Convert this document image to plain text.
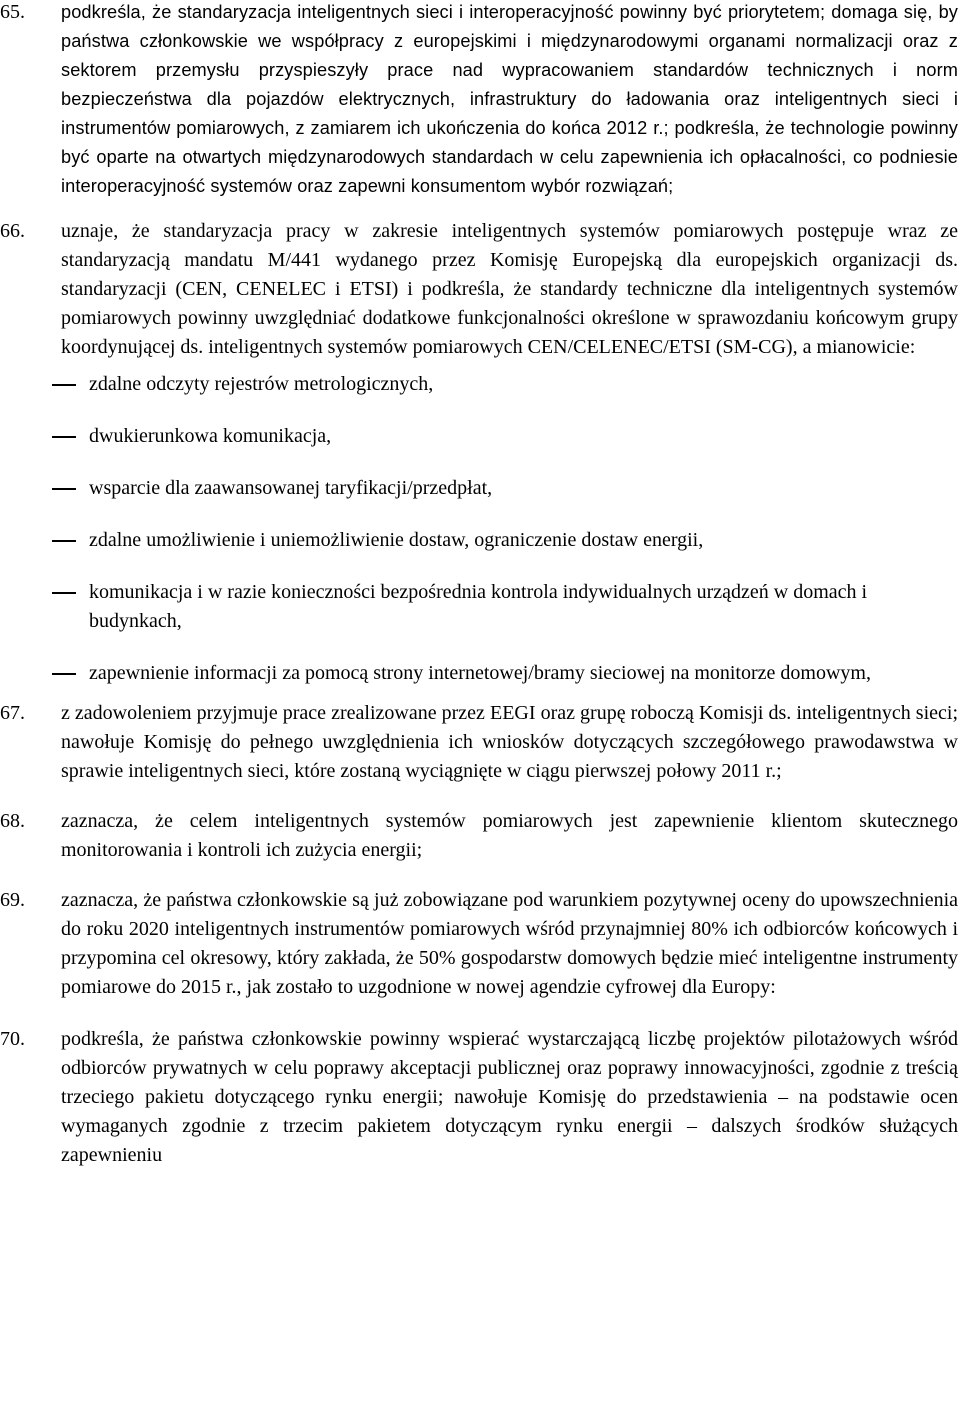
65. podkreśla, że standaryzacja inteligentnych sieci i interoperacyjność powinny być priorytetem; domaga się, by państwa członkowskie we współpracy z europejskimi i międzynarodowymi organami normalizacji oraz z sektorem przemysłu przyspieszyły prace nad wypracowaniem standardów technicznych i norm bezpieczeństwa dla pojazdów elektrycznych, infrastruktury do ładowania oraz inteligentnych sieci i instrumentów pomiarowych, z zamiarem ich ukończenia do końca 2012 r.; podkreśla, że technologie powinny być oparte na otwartych międzynarodowych standardach w celu zapewnienia ich opłacalności, co podniesie interoperacyjność systemów oraz zapewni konsumentom wybór rozwiązań;
66. uznaje, że standaryzacja pracy w zakresie inteligentnych systemów pomiarowych postępuje wraz ze standaryzacją mandatu M/441 wydanego przez Komisję Europejską dla europejskich organizacji ds. standaryzacji (CEN, CENELEC i ETSI) i podkreśla, że standardy techniczne dla inteligentnych systemów pomiarowych powinny uwzględniać dodatkowe funkcjonalności określone w sprawozdaniu końcowym grupy koordynującej ds. inteligentnych systemów pomiarowych CEN/CELENEC/ETSI (SM-CG), a mianowicie:
zdalne odczyty rejestrów metrologicznych,
dwukierunkowa komunikacja,
wsparcie dla zaawansowanej taryfikacji/przedpłat,
zdalne umożliwienie i uniemożliwienie dostaw, ograniczenie dostaw energii,
komunikacja i w razie konieczności bezpośrednia kontrola indywidualnych urządzeń w domach i budynkach,
zapewnienie informacji za pomocą strony internetowej/bramy sieciowej na monitorze domowym,
67. z zadowoleniem przyjmuje prace zrealizowane przez EEGI oraz grupę roboczą Komisji ds. inteligentnych sieci; nawołuje Komisję do pełnego uwzględnienia ich wniosków dotyczących szczegółowego prawodawstwa w sprawie inteligentnych sieci, które zostaną wyciągnięte w ciągu pierwszej połowy 2011 r.;
68. zaznacza, że celem inteligentnych systemów pomiarowych jest zapewnienie klientom skutecznego monitorowania i kontroli ich zużycia energii;
69. zaznacza, że państwa członkowskie są już zobowiązane pod warunkiem pozytywnej oceny do upowszechnienia do roku 2020 inteligentnych instrumentów pomiarowych wśród przynajmniej 80% ich odbiorców końcowych i przypomina cel okresowy, który zakłada, że 50% gospodarstw domowych będzie mieć inteligentne instrumenty pomiarowe do 2015 r., jak zostało to uzgodnione w nowej agendzie cyfrowej dla Europy:
70. podkreśla, że państwa członkowskie powinny wspierać wystarczającą liczbę projektów pilotażowych wśród odbiorców prywatnych w celu poprawy akceptacji publicznej oraz poprawy innowacyjności, zgodnie z treścią trzeciego pakietu dotyczącego rynku energii; nawołuje Komisję do przedstawienia – na podstawie ocen wymaganych zgodnie z trzecim pakietem dotyczącym rynku energii – dalszych środków służących zapewnieniu
